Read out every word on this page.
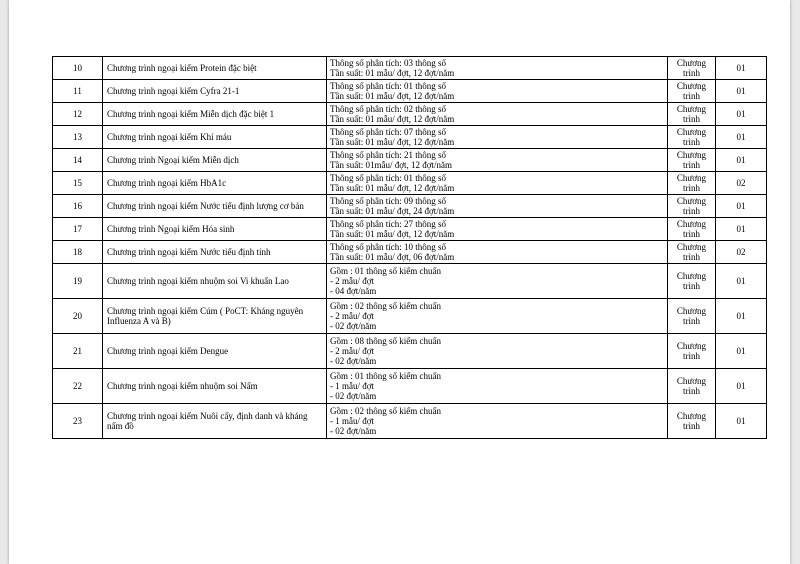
10	Chương trình ngoại kiểm Protein đặc biệt	Thông số phân tích: 03 thông số
Tần suất: 01 mẫu/ đợt, 12 đợt/năm	Chương trình	01
11	Chương trình ngoại kiểm Cyfra 21-1	Thông số phân tích: 01 thông số
Tần suất: 01 mẫu/ đợt, 12 đợt/năm	Chương trình	01
12	Chương trình ngoại kiểm Miễn dịch đặc biệt 1	Thông số phân tích: 02 thông số
Tần suất: 01 mẫu/ đợt, 12 đợt/năm	Chương trình	01
13	Chương trình ngoại kiểm Khí máu	Thông số phân tích: 07 thông số
Tần suất: 01 mẫu/ đợt, 12 đợt/năm	Chương trình	01
14	Chương trình Ngoại kiểm Miễn dịch	Thông số phân tích: 21 thông số
Tần suất: 01mẫu/ đợt, 12 đợt/năm	Chương trình	01
15	Chương trình ngoại kiểm HbA1c	Thông số phân tích: 01 thông số
Tần suất: 01 mẫu/ đợt, 12 đợt/năm	Chương trình	02
16	Chương trình ngoại kiểm Nước tiểu định lượng cơ bản	Thông số phân tích: 09 thông số
Tần suất: 01 mẫu/ đợt, 24 đợt/năm	Chương trình	01
17	Chương trình Ngoại kiểm Hóa sinh	Thông số phân tích: 27 thông số
Tần suất: 01 mẫu/ đợt, 12 đợt/năm	Chương trình	01
18	Chương trình ngoại kiểm Nước tiểu định tính	Thông số phân tích: 10 thông số
Tần suất: 01 mẫu/ đợt, 06 đợt/năm	Chương trình	02
19	Chương trình ngoại kiểm nhuộm soi Vi khuẩn Lao	Gồm : 01 thông số kiểm chuẩn
- 2 mẫu/ đợt
- 04 đợt/năm	Chương trình	01
20	Chương trình ngoại kiểm Cúm ( PoCT: Kháng nguyên Influenza A và B)	Gồm : 02 thông số kiểm chuẩn
- 2 mẫu/ đợt
- 02 đợt/năm	Chương trình	01
21	Chương trình ngoại kiểm Dengue	Gồm : 08 thông số kiểm chuẩn
- 2 mẫu/ đợt
- 02 đợt/năm	Chương trình	01
22	Chương trình ngoại kiểm nhuộm soi Nấm	Gồm : 01 thông số kiểm chuẩn
- 1 mẫu/ đợt
- 02 đợt/năm	Chương trình	01
23	Chương trình ngoại kiểm Nuôi cấy, định danh và kháng nấm đồ	Gồm : 02 thông số kiểm chuẩn
- 1 mẫu/ đợt
- 02 đợt/năm	Chương trình	01
